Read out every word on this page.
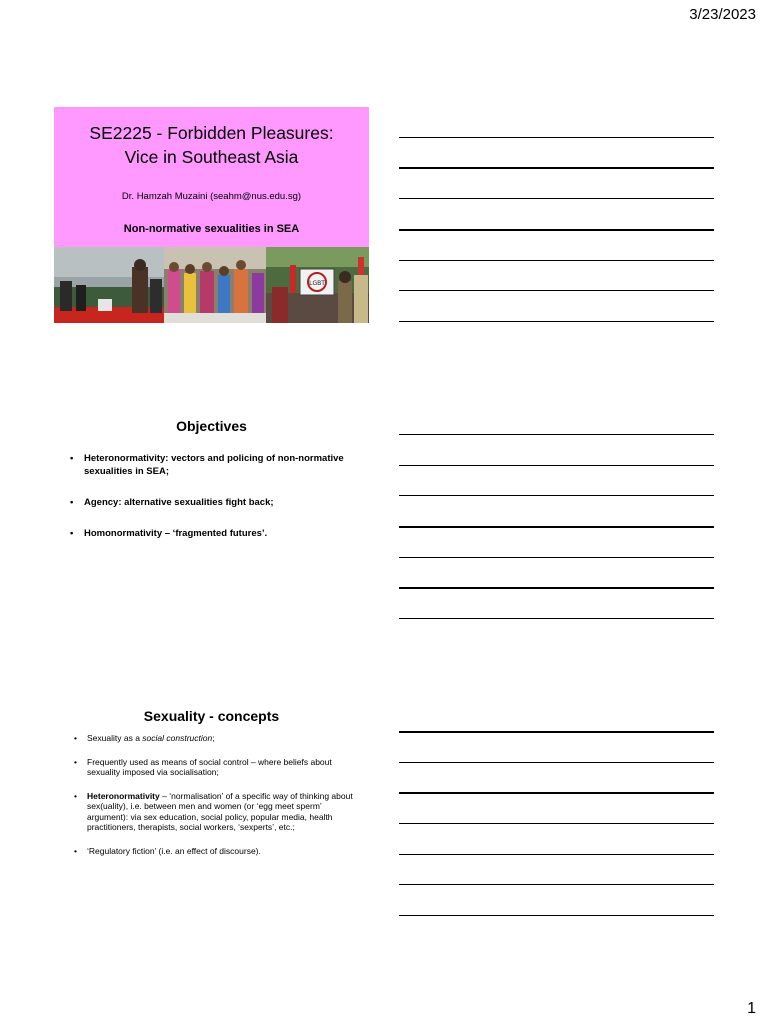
3/23/2023
SE2225 - Forbidden Pleasures:
Vice in Southeast Asia
Dr. Hamzah Muzaini (seahm@nus.edu.sg)
Non-normative sexualities in SEA
LGBT
Objectives
• Heteronormativity: vectors and policing of non-normative sexualities in SEA;
• Agency: alternative sexualities fight back;
• Homonormativity – ‘fragmented futures’.
Sexuality - concepts
• Sexuality as a social construction;
• Frequently used as means of social control – where beliefs about sexuality imposed via socialisation;
• Heteronormativity – ‘normalisation’ of a specific way of thinking about sex(uality), i.e. between men and women (or ‘egg meet sperm’ argument): via sex education, social policy, popular media, health practitioners, therapists, social workers, ‘sexperts’, etc.;
• ‘Regulatory fiction’ (i.e. an effect of discourse).
1
